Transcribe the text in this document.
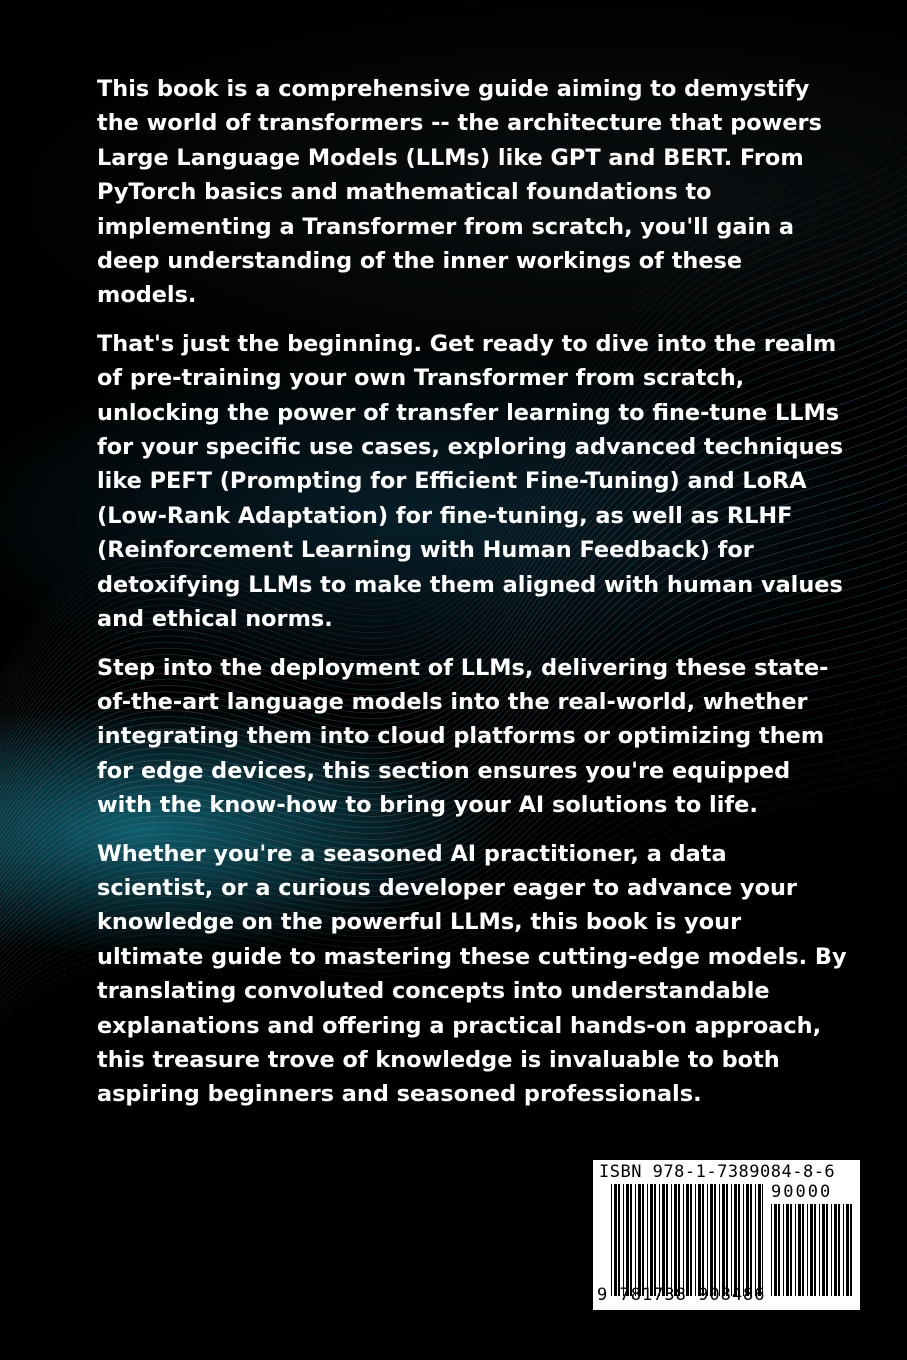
This book is a comprehensive guide aiming to demystify the world of transformers -- the architecture that powers Large Language Models (LLMs) like GPT and BERT. From PyTorch basics and mathematical foundations to implementing a Transformer from scratch, you'll gain a deep understanding of the inner workings of these models.

That's just the beginning. Get ready to dive into the realm of pre-training your own Transformer from scratch, unlocking the power of transfer learning to fine-tune LLMs for your specific use cases, exploring advanced techniques like PEFT (Prompting for Efficient Fine-Tuning) and LoRA (Low-Rank Adaptation) for fine-tuning, as well as RLHF (Reinforcement Learning with Human Feedback) for detoxifying LLMs to make them aligned with human values and ethical norms.

Step into the deployment of LLMs, delivering these state-of-the-art language models into the real-world, whether integrating them into cloud platforms or optimizing them for edge devices, this section ensures you're equipped with the know-how to bring your AI solutions to life.

Whether you're a seasoned AI practitioner, a data scientist, or a curious developer eager to advance your knowledge on the powerful LLMs, this book is your ultimate guide to mastering these cutting-edge models. By translating convoluted concepts into understandable explanations and offering a practical hands-on approach, this treasure trove of knowledge is invaluable to both aspiring beginners and seasoned professionals.

ISBN 978-1-7389084-8-6
90000
9 781738 908486
